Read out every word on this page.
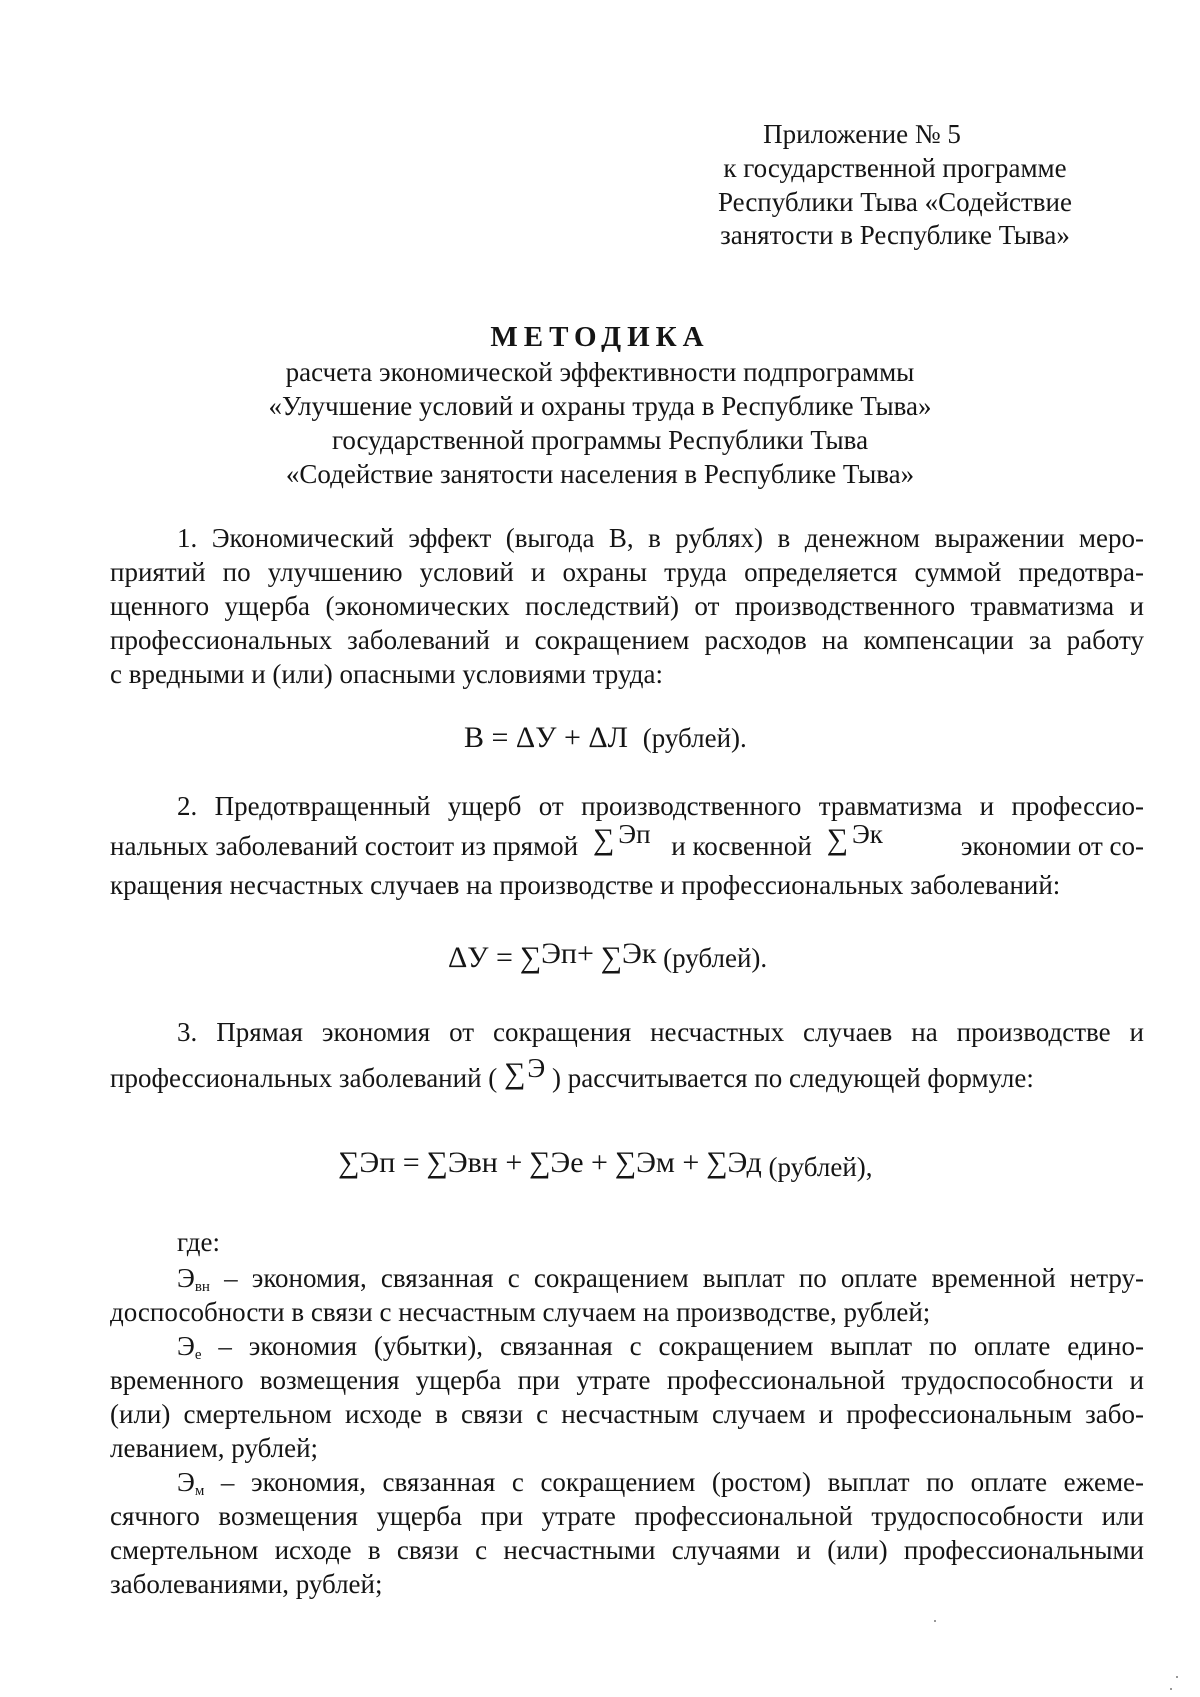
Приложение № 5
к государственной программе
Республики Тыва «Содействие
занятости в Республике Тыва»
МЕТОДИКА
расчета экономической эффективности подпрограммы
«Улучшение условий и охраны труда в Республике Тыва»
государственной программы Республики Тыва
«Содействие занятости населения в Республике Тыва»
1. Экономический эффект (выгода В, в рублях) в денежном выражении меро-
приятий по улучшению условий и охраны труда определяется суммой предотвра-
щенного ущерба (экономических последствий) от производственного травматизма и
профессиональных заболеваний и сокращением расходов на компенсации за работу
с вредными и (или) опасными условиями труда:
В = ΔУ + ΔЛ (рублей).
2. Предотвращенный ущерб от производственного травматизма и профессио-
нальных заболеваний состоит из прямой ∑ Эп и косвенной ∑ Эк	экономии от со-
кращения несчастных случаев на производстве и профессиональных заболеваний:
ΔУ = ∑Эп+ ∑Эк (рублей).
3. Прямая экономия от сокращения несчастных случаев на производстве и
профессиональных заболеваний ( ∑Э ) рассчитывается по следующей формуле:
∑Эп = ∑Эвн + ∑Эе + ∑Эм + ∑Эд (рублей),
где:
$Э_{вн}$ – экономия, связанная с сокращением выплат по оплате временной нетру-
доспособности в связи с несчастным случаем на производстве, рублей;
$Э_е$ – экономия (убытки), связанная с сокращением выплат по оплате едино-
временного возмещения ущерба при утрате профессиональной трудоспособности и
(или) смертельном исходе в связи с несчастным случаем и профессиональным забо-
леванием, рублей;
$Э_м$ – экономия, связанная с сокращением (ростом) выплат по оплате ежеме-
сячного возмещения ущерба при утрате профессиональной трудоспособности или
смертельном исходе в связи с несчастными случаями и (или) профессиональными
заболеваниями, рублей;
